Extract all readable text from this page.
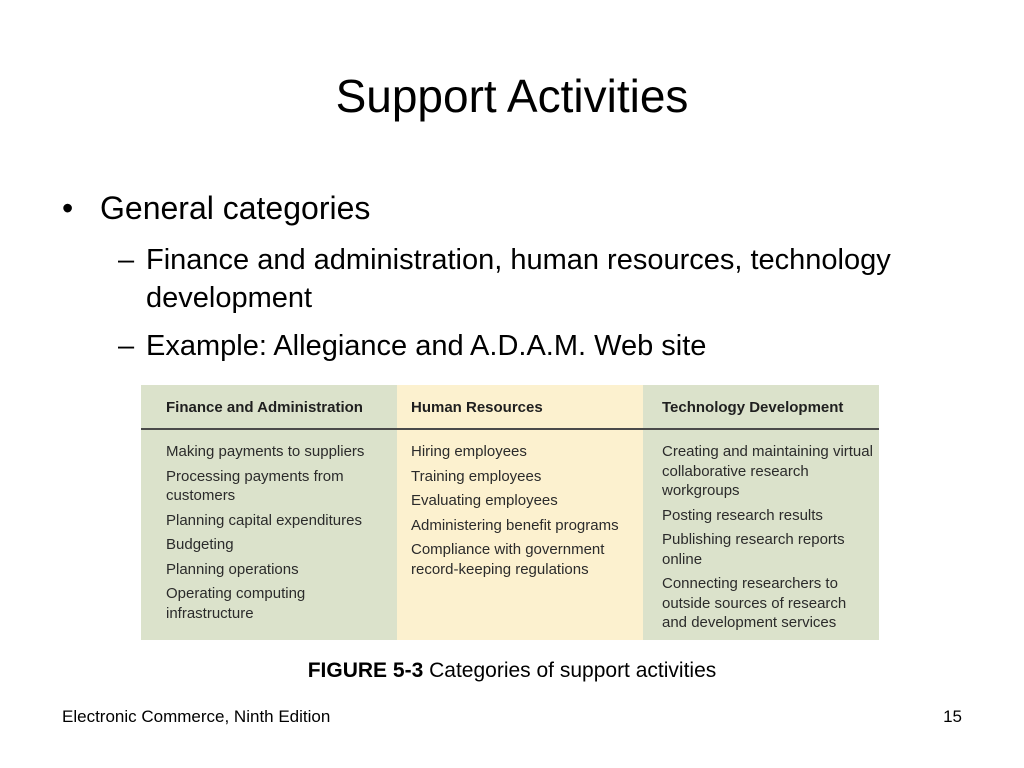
Support Activities
• General categories
– Finance and administration, human resources, technology development
– Example: Allegiance and A.D.A.M. Web site
Finance and Administration
Making payments to suppliers
Processing payments from customers
Planning capital expenditures
Budgeting
Planning operations
Operating computing infrastructure
Human Resources
Hiring employees
Training employees
Evaluating employees
Administering benefit programs
Compliance with government record-keeping regulations
Technology Development
Creating and maintaining virtual collaborative research workgroups
Posting research results
Publishing research reports online
Connecting researchers to outside sources of research and development services
FIGURE 5-3 Categories of support activities
Electronic Commerce, Ninth Edition	15
